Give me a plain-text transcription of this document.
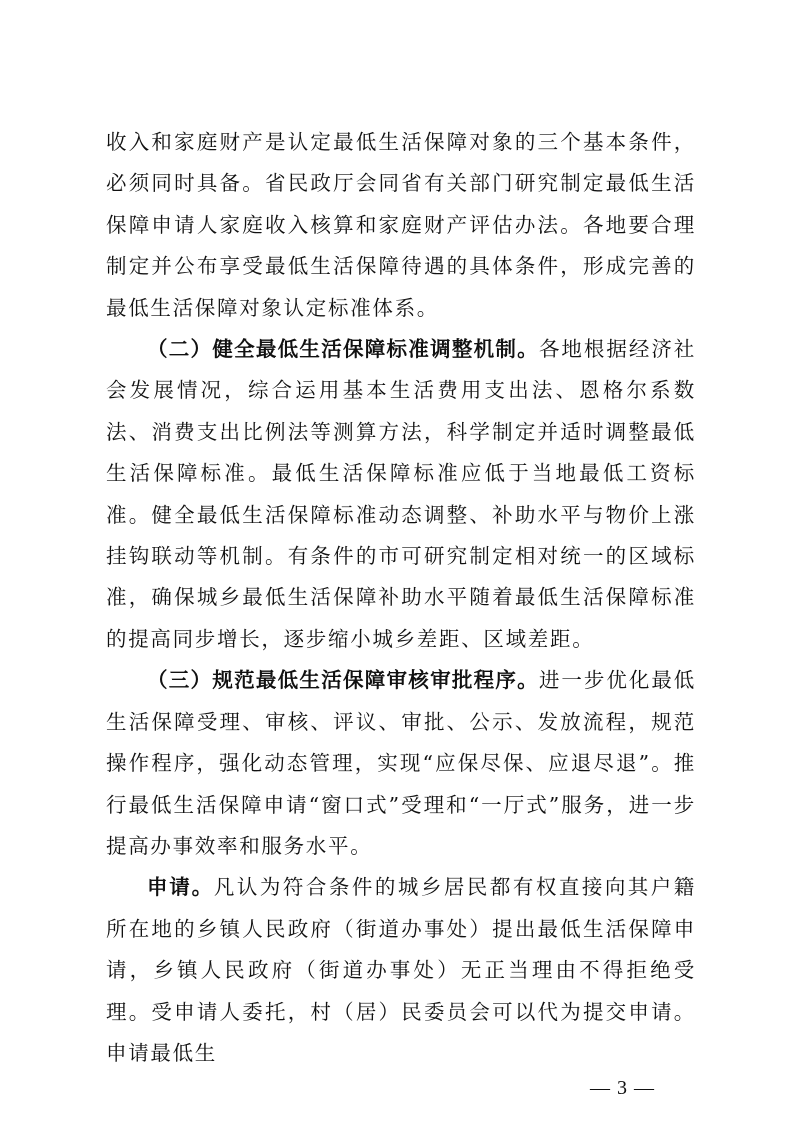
收入和家庭财产是认定最低生活保障对象的三个基本条件，必须同时具备。省民政厅会同省有关部门研究制定最低生活保障申请人家庭收入核算和家庭财产评估办法。各地要合理制定并公布享受最低生活保障待遇的具体条件，形成完善的最低生活保障对象认定标准体系。

（二）健全最低生活保障标准调整机制。各地根据经济社会发展情况，综合运用基本生活费用支出法、恩格尔系数法、消费支出比例法等测算方法，科学制定并适时调整最低生活保障标准。最低生活保障标准应低于当地最低工资标准。健全最低生活保障标准动态调整、补助水平与物价上涨挂钩联动等机制。有条件的市可研究制定相对统一的区域标准，确保城乡最低生活保障补助水平随着最低生活保障标准的提高同步增长，逐步缩小城乡差距、区域差距。

（三）规范最低生活保障审核审批程序。进一步优化最低生活保障受理、审核、评议、审批、公示、发放流程，规范操作程序，强化动态管理，实现“应保尽保、应退尽退”。推行最低生活保障申请“窗口式”受理和“一厅式”服务，进一步提高办事效率和服务水平。

申请。凡认为符合条件的城乡居民都有权直接向其户籍所在地的乡镇人民政府（街道办事处）提出最低生活保障申请，乡镇人民政府（街道办事处）无正当理由不得拒绝受理。受申请人委托，村（居）民委员会可以代为提交申请。申请最低生

— 3 —
